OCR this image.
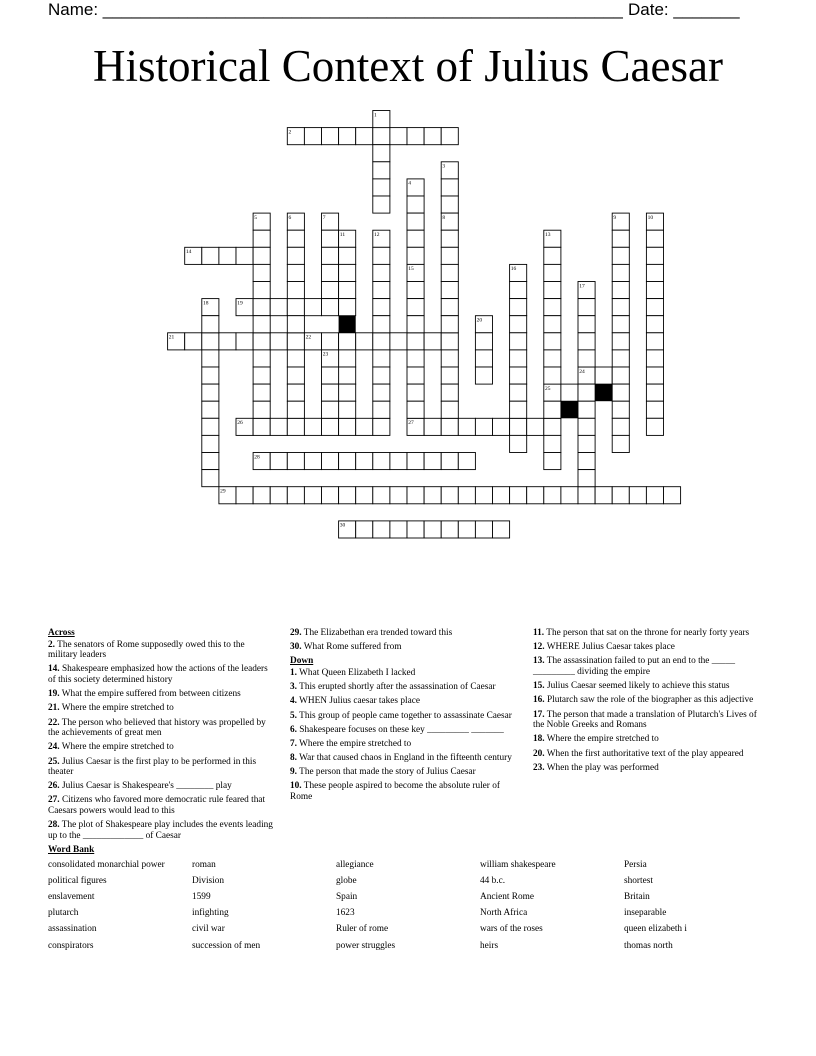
Name: _______________________________________________________ Date: _______
Historical Context of Julius Caesar
1
2
3
4
5	6	7	8	9	10
11	12	13
14
15	16
17
18	19
20
21	22
23
24
25
26	27
28
29
30
Across
2. The senators of Rome supposedly owed this to the military leaders
14. Shakespeare emphasized how the actions of the leaders of this society determined history
19. What the empire suffered from between citizens
21. Where the empire stretched to
22. The person who believed that history was propelled by the achievements of great men
24. Where the empire stretched to
25. Julius Caesar is the first play to be performed in this theater
26. Julius Caesar is Shakespeare's ________ play
27. Citizens who favored more democratic rule feared that Caesars powers would lead to this
28. The plot of Shakespeare play includes the events leading up to the _____________ of Caesar
29. The Elizabethan era trended toward this
30. What Rome suffered from
Down
1. What Queen Elizabeth I lacked
3. This erupted shortly after the assassination of Caesar
4. WHEN Julius caesar takes place
5. This group of people came together to assassinate Caesar
6. Shakespeare focuses on these key _________ _______
7. Where the empire stretched to
8. War that caused chaos in England in the fifteenth century
9. The person that made the story of Julius Caesar
10. These people aspired to become the absolute ruler of Rome
11. The person that sat on the throne for nearly forty years
12. WHERE Julius Caesar takes place
13. The assassination failed to put an end to the _____ _________ dividing the empire
15. Julius Caesar seemed likely to achieve this status
16. Plutarch saw the role of the biographer as this adjective
17. The person that made a translation of Plutarch's Lives of the Noble Greeks and Romans
18. Where the empire stretched to
20. When the first authoritative text of the play appeared
23. When the play was performed
Word Bank
consolidated monarchial power	roman	allegiance	william shakespeare	Persia
political figures	Division	globe	44 b.c.	shortest
enslavement	1599	Spain	Ancient Rome	Britain
plutarch	infighting	1623	North Africa	inseparable
assassination	civil war	Ruler of rome	wars of the roses	queen elizabeth i
conspirators	succession of men	power struggles	heirs	thomas north
